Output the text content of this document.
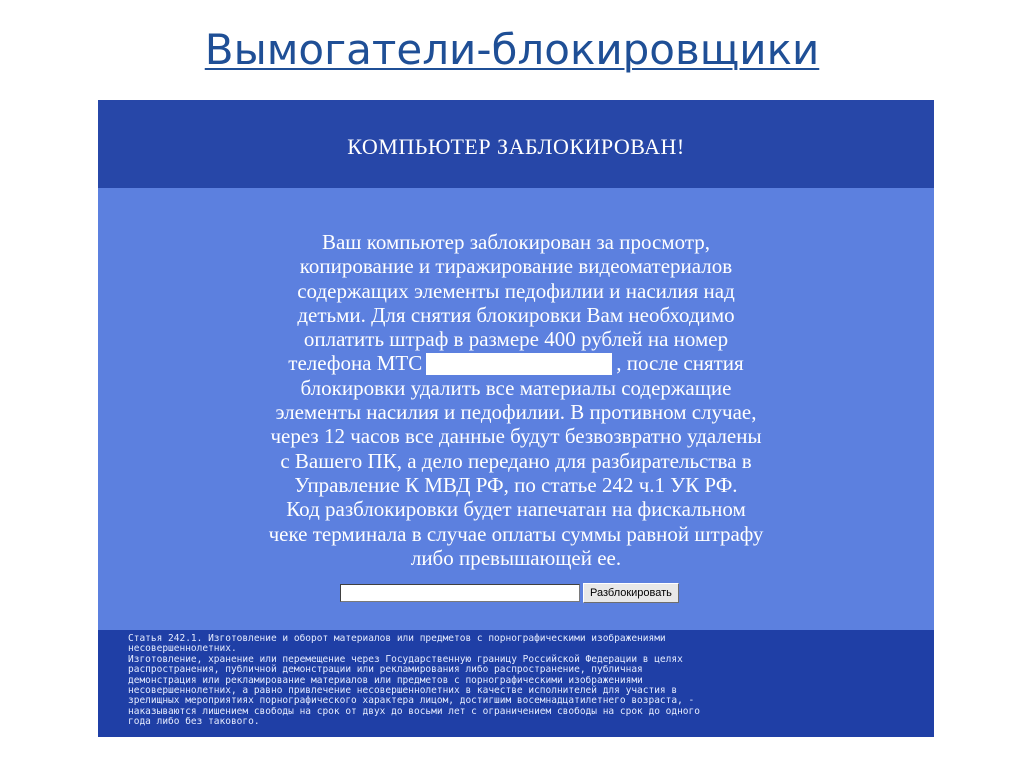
Вымогатели-блокировщики
КОМПЬЮТЕР ЗАБЛОКИРОВАН!
Ваш компьютер заблокирован за просмотр,
копирование и тиражирование видеоматериалов
содержащих элементы педофилии и насилия над
детьми. Для снятия блокировки Вам необходимо
оплатить штраф в размере 400 рублей на номер
телефона МТС	, после снятия
блокировки удалить все материалы содержащие
элементы насилия и педофилии. В противном случае,
через 12 часов все данные будут безвозвратно удалены
с Вашего ПК, а дело передано для разбирательства в
Управление К МВД РФ, по статье 242 ч.1 УК РФ.
Код разблокировки будет напечатан на фискальном
чеке терминала в случае оплаты суммы равной штрафу
либо превышающей ее.
Разблокировать
Статья 242.1. Изготовление и оборот материалов или предметов с порнографическими изображениями
несовершеннолетних.
Изготовление, хранение или перемещение через Государственную границу Российской Федерации в целях
распространения, публичной демонстрации или рекламирования либо распространение, публичная
демонстрация или рекламирование материалов или предметов с порнографическими изображениями
несовершеннолетних, а равно привлечение несовершеннолетних в качестве исполнителей для участия в
зрелищных мероприятиях порнографического характера лицом, достигшим восемнадцатилетнего возраста, -
наказываются лишением свободы на срок от двух до восьми лет с ограничением свободы на срок до одного
года либо без такового.
